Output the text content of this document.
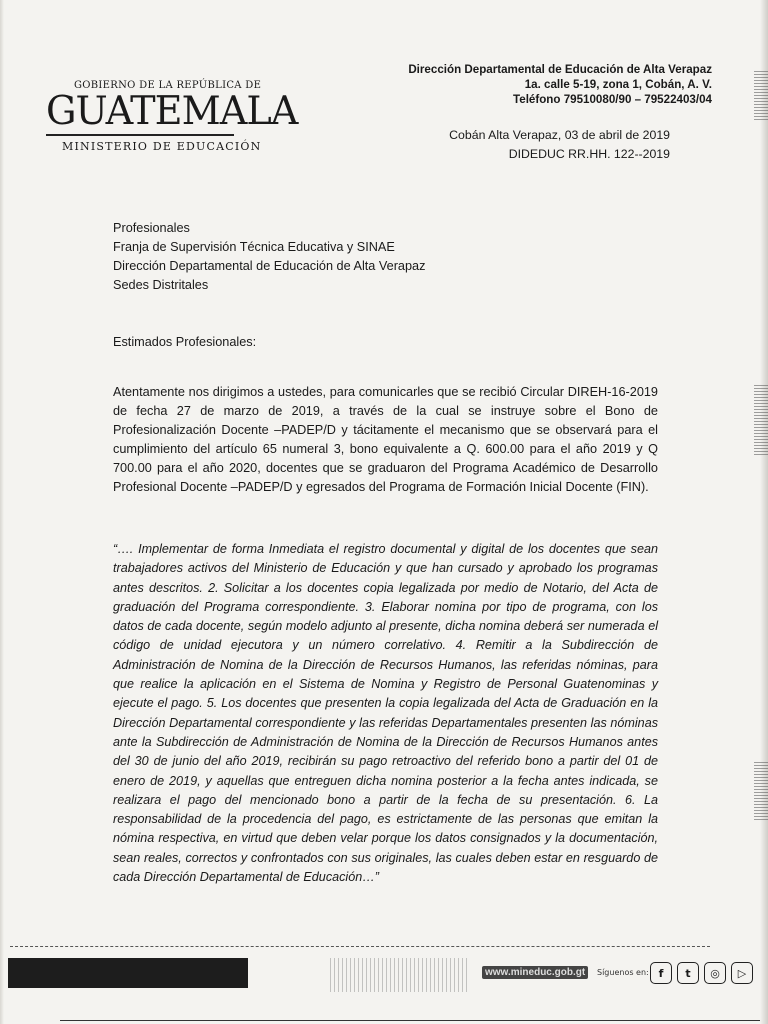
GOBIERNO DE LA REPÚBLICA DE
GUATEMALA
MINISTERIO DE EDUCACIÓN
Dirección Departamental de Educación de Alta Verapaz
1a. calle 5-19, zona 1, Cobán, A. V.
Teléfono 79510080/90 – 79522403/04
Cobán Alta Verapaz, 03 de abril de 2019
DIDEDUC RR.HH. 122--2019
Profesionales
Franja de Supervisión Técnica Educativa y SINAE
Dirección Departamental de Educación de Alta Verapaz
Sedes Distritales
Estimados Profesionales:
Atentamente nos dirigimos a ustedes, para comunicarles que se recibió Circular DIREH-16-2019 de fecha 27 de marzo de 2019, a través de la cual se instruye sobre el Bono de Profesionalización Docente –PADEP/D y tácitamente el mecanismo que se observará para el cumplimiento del artículo 65 numeral 3, bono equivalente a Q. 600.00 para el año 2019 y Q 700.00 para el año 2020, docentes que se graduaron del Programa Académico de Desarrollo Profesional Docente –PADEP/D y egresados del Programa de Formación Inicial Docente (FIN).
“…. Implementar de forma Inmediata el registro documental y digital de los docentes que sean trabajadores activos del Ministerio de Educación y que han cursado y aprobado los programas antes descritos. 2. Solicitar a los docentes copia legalizada por medio de Notario, del Acta de graduación del Programa correspondiente. 3. Elaborar nomina por tipo de programa, con los datos de cada docente, según modelo adjunto al presente, dicha nomina deberá ser numerada el código de unidad ejecutora y un número correlativo. 4. Remitir a la Subdirección de Administración de Nomina de la Dirección de Recursos Humanos, las referidas nóminas, para que realice la aplicación en el Sistema de Nomina y Registro de Personal Guatenominas y ejecute el pago. 5. Los docentes que presenten la copia legalizada del Acta de Graduación en la Dirección Departamental correspondiente y las referidas Departamentales presenten las nóminas ante la Subdirección de Administración de Nomina de la Dirección de Recursos Humanos antes del 30 de junio del año 2019, recibirán su pago retroactivo del referido bono a partir del 01 de enero de 2019, y aquellas que entreguen dicha nomina posterior a la fecha antes indicada, se realizara el pago del mencionado bono a partir de la fecha de su presentación. 6. La responsabilidad de la procedencia del pago, es estrictamente de las personas que emitan la nómina respectiva, en virtud que deben velar porque los datos consignados y la documentación, sean reales, correctos y confrontados con sus originales, las cuales deben estar en resguardo de cada Dirección Departamental de Educación…”
www.mineduc.gob.gt	Síguenos en: f	t	◎	▷
